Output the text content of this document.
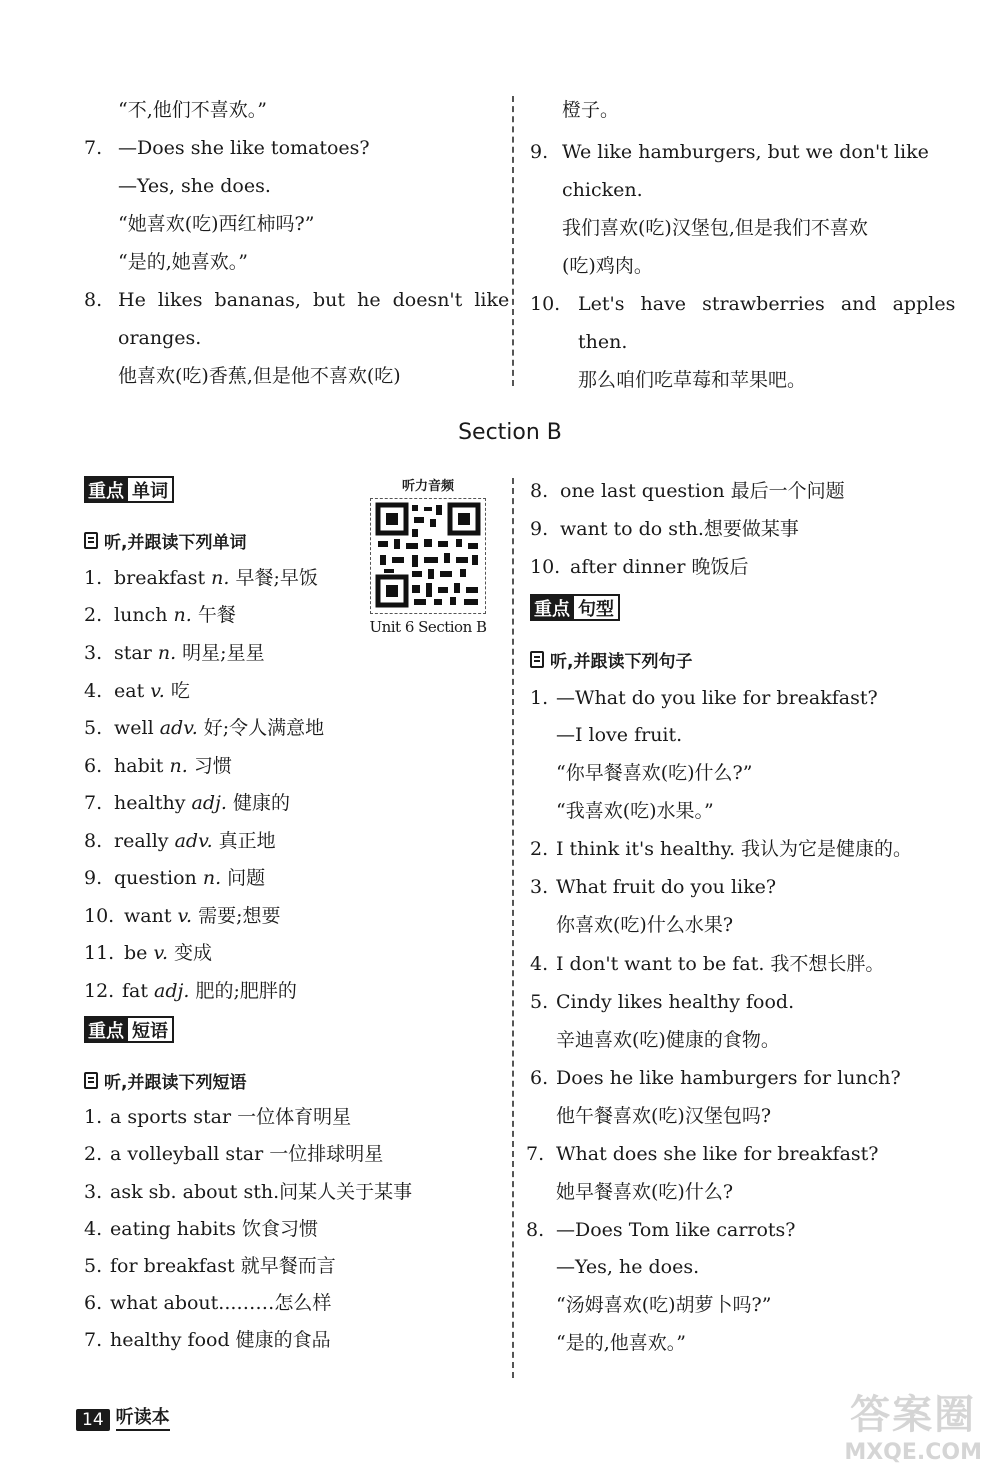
“不,他们不喜欢。”
7. —Does she like tomatoes?
—Yes, she does.
“她喜欢(吃)西红柿吗?”
“是的,她喜欢。”
8. He likes bananas, but he doesn't like
oranges.
他喜欢(吃)香蕉,但是他不喜欢(吃)
橙子。
9. We like hamburgers, but we don't like
chicken.
我们喜欢(吃)汉堡包,但是我们不喜欢
(吃)鸡肉。
10. Let's have strawberries and apples
then.
那么咱们吃草莓和苹果吧。
Section B
重点 单词
听,并跟读下列单词
1. breakfast n. 早餐;早饭
2. lunch n. 午餐
3. star n. 明星;星星
4. eat v. 吃
5. well adv. 好;令人满意地
6. habit n. 习惯
7. healthy adj. 健康的
8. really adv. 真正地
9. question n. 问题
10. want v. 需要;想要
11. be v. 变成
12. fat adj. 肥的;肥胖的
听力音频
Unit 6 Section B
重点 短语
听,并跟读下列短语
1. a sports star 一位体育明星
2. a volleyball star 一位排球明星
3. ask sb. about sth.问某人关于某事
4. eating habits 饮食习惯
5. for breakfast 就早餐而言
6. what about...……怎么样
7. healthy food 健康的食品
8. one last question 最后一个问题
9. want to do sth.想要做某事
10. after dinner 晚饭后
重点 句型
听,并跟读下列句子
1. —What do you like for breakfast?
—I love fruit.
“你早餐喜欢(吃)什么?”
“我喜欢(吃)水果。”
2. I think it's healthy. 我认为它是健康的。
3. What fruit do you like?
你喜欢(吃)什么水果?
4. I don't want to be fat. 我不想长胖。
5. Cindy likes healthy food.
辛迪喜欢(吃)健康的食物。
6. Does he like hamburgers for lunch?
他午餐喜欢(吃)汉堡包吗?
7. What does she like for breakfast?
她早餐喜欢(吃)什么?
8. —Does Tom like carrots?
—Yes, he does.
“汤姆喜欢(吃)胡萝卜吗?”
“是的,他喜欢。”
14 听读本	答案圈
MXQE.COM
